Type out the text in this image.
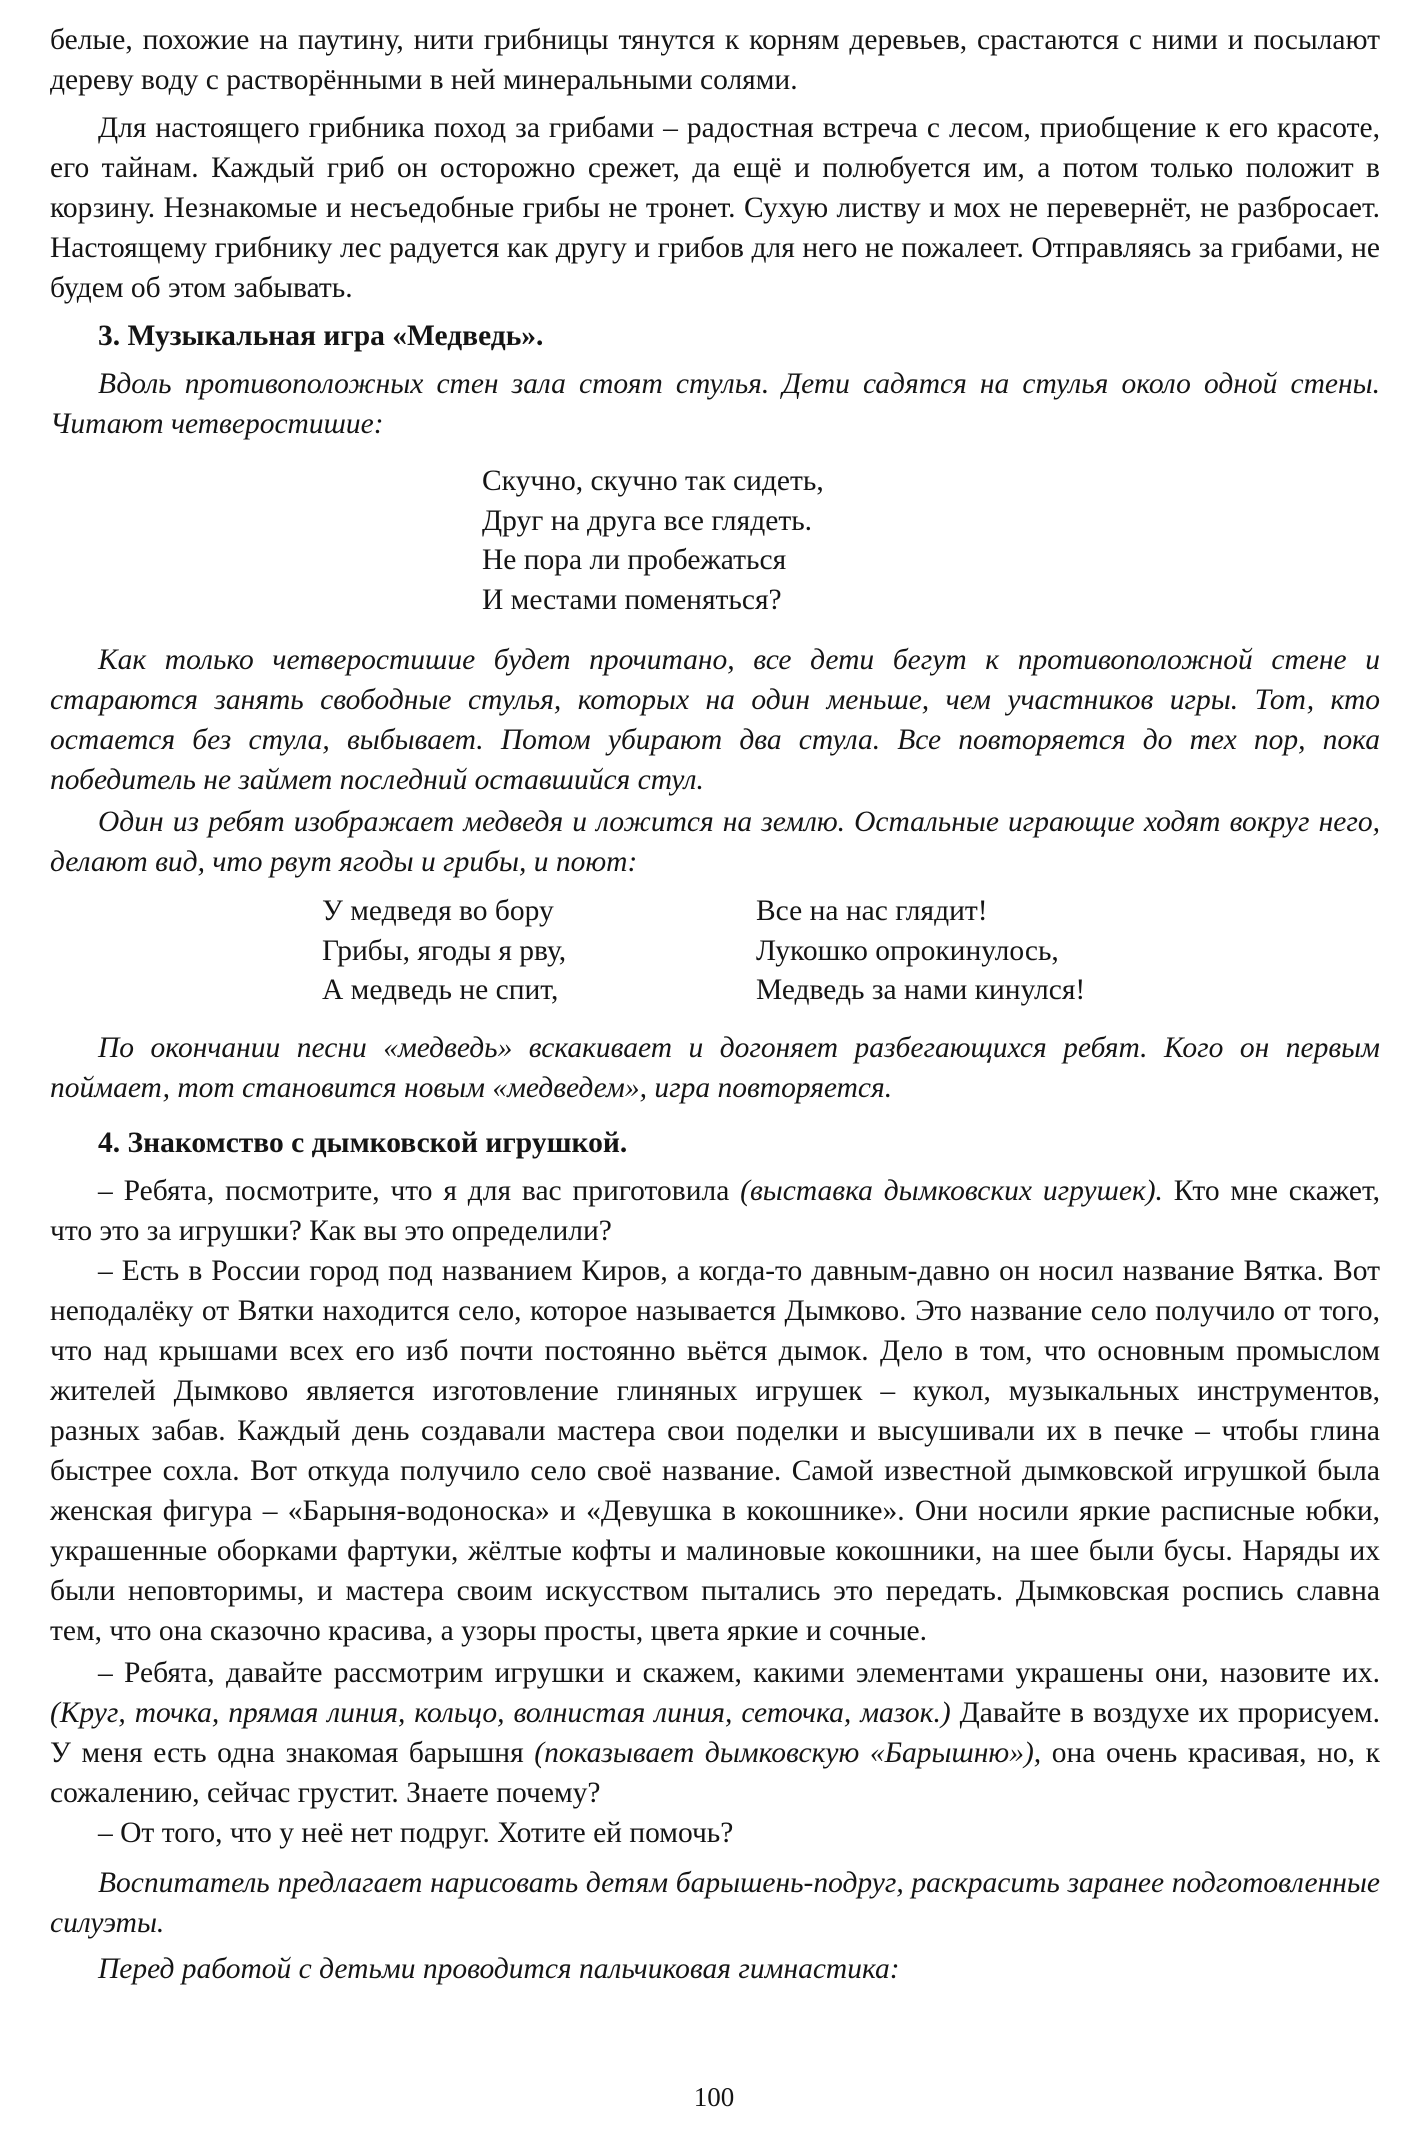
белые, похожие на паутину, нити грибницы тянутся к корням деревьев, срастаются с ними и посылают дереву воду с растворёнными в ней минеральными солями.

Для настоящего грибника поход за грибами – радостная встреча с лесом, приобщение к его красоте, его тайнам. Каждый гриб он осторожно срежет, да ещё и полюбуется им, а потом только положит в корзину. Незнакомые и несъедобные грибы не тронет. Сухую листву и мох не перевернёт, не разбросает. Настоящему грибнику лес радуется как другу и грибов для него не пожалеет. Отправляясь за грибами, не будем об этом забывать.

3. Музыкальная игра «Медведь».

Вдоль противоположных стен зала стоят стулья. Дети садятся на стулья около одной стены. Читают четверостишие:

Скучно, скучно так сидеть,
Друг на друга все глядеть.
Не пора ли пробежаться
И местами поменяться?

Как только четверостишие будет прочитано, все дети бегут к противоположной стене и стараются занять свободные стулья, которых на один меньше, чем участников игры. Тот, кто остается без стула, выбывает. Потом убирают два стула. Все повторяется до тех пор, пока победитель не займет последний оставшийся стул.

Один из ребят изображает медведя и ложится на землю. Остальные играющие ходят вокруг него, делают вид, что рвут ягоды и грибы, и поют:

У медведя во бору
Грибы, ягоды я рву,
А медведь не спит,
Все на нас глядит!
Лукошко опрокинулось,
Медведь за нами кинулся!

По окончании песни «медведь» вскакивает и догоняет разбегающихся ребят. Кого он первым поймает, тот становится новым «медведем», игра повторяется.

4. Знакомство с дымковской игрушкой.

– Ребята, посмотрите, что я для вас приготовила (выставка дымковских игрушек). Кто мне скажет, что это за игрушки? Как вы это определили?

– Есть в России город под названием Киров, а когда-то давным-давно он носил название Вятка. Вот неподалёку от Вятки находится село, которое называется Дымково. Это название село получило от того, что над крышами всех его изб почти постоянно вьётся дымок. Дело в том, что основным промыслом жителей Дымково является изготовление глиняных игрушек – кукол, музыкальных инструментов, разных забав. Каждый день создавали мастера свои поделки и высушивали их в печке – чтобы глина быстрее сохла. Вот откуда получило село своё название. Самой известной дымковской игрушкой была женская фигура – «Барыня-водоноска» и «Девушка в кокошнике». Они носили яркие расписные юбки, украшенные оборками фартуки, жёлтые кофты и малиновые кокошники, на шее были бусы. Наряды их были неповторимы, и мастера своим искусством пытались это передать. Дымковская роспись славна тем, что она сказочно красива, а узоры просты, цвета яркие и сочные.

– Ребята, давайте рассмотрим игрушки и скажем, какими элементами украшены они, назовите их. (Круг, точка, прямая линия, кольцо, волнистая линия, сеточка, мазок.) Давайте в воздухе их прорисуем. У меня есть одна знакомая барышня (показывает дымковскую «Барышню»), она очень красивая, но, к сожалению, сейчас грустит. Знаете почему?

– От того, что у неё нет подруг. Хотите ей помочь?

Воспитатель предлагает нарисовать детям барышень-подруг, раскрасить заранее подготовленные силуэты.

Перед работой с детьми проводится пальчиковая гимнастика:

100
